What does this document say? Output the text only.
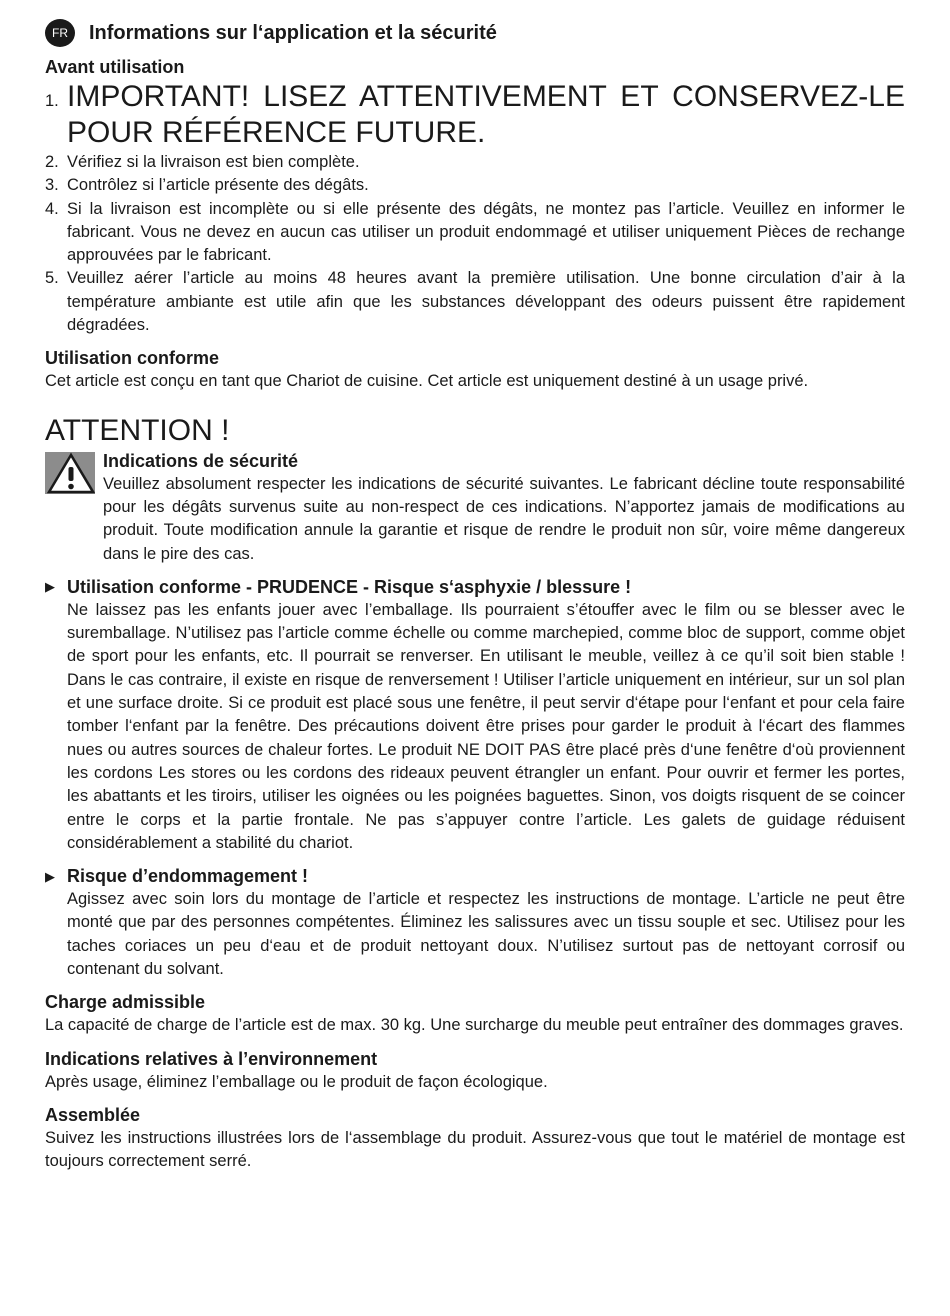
FR	Informations sur l‘application et la sécurité
Avant utilisation
1. IMPORTANT! LISEZ ATTENTIVEMENT ET CONSERVEZ-LE POUR RÉFÉRENCE FUTURE.
2. Vérifiez si la livraison est bien complète.
3. Contrôlez si l’article présente des dégâts.
4. Si la livraison est incomplète ou si elle présente des dégâts, ne montez pas l’article. Veuillez en informer le fabricant. Vous ne devez en aucun cas utiliser un produit endommagé et utiliser uniquement Pièces de rechange approuvées par le fabricant.
5. Veuillez aérer l’article au moins 48 heures avant la première utilisation. Une bonne circulation d’air à la température ambiante est utile afin que les substances développant des odeurs puissent être rapidement dégradées.
Utilisation conforme

Cet article est conçu en tant que Chariot de cuisine. Cet article est uniquement destiné à un usage privé.

ATTENTION !
Indications de sécurité

Veuillez absolument respecter les indications de sécurité suivantes. Le fabricant décline toute responsabilité pour les dégâts survenus suite au non-respect de ces indications. N’apportez jamais de modifications au produit. Toute modification annule la garantie et risque de rendre le produit non sûr, voire même dangereux dans le pire des cas.

▶ Utilisation conforme - PRUDENCE - Risque s‘asphyxie / blessure !

Ne laissez pas les enfants jouer avec l’emballage. Ils pourraient s’étouffer avec le film ou se blesser avec le suremballage. N’utilisez pas l’article comme échelle ou comme marchepied, comme bloc de support, comme objet de sport pour les enfants, etc. Il pourrait se renverser. En utilisant le meuble, veillez à ce qu’il soit bien stable ! Dans le cas contraire, il existe en risque de renversement ! Utiliser l’article uniquement en intérieur, sur un sol plan et une surface droite. Si ce produit est placé sous une fenêtre, il peut servir d‘étape pour l‘enfant et pour cela faire tomber l‘enfant par la fenêtre. Des précautions doivent être prises pour garder le produit à l‘écart des flammes nues ou autres sources de chaleur fortes. Le produit NE DOIT PAS être placé près d‘une fenêtre d‘où proviennent les cordons Les stores ou les cordons des rideaux peuvent étrangler un enfant. Pour ouvrir et fermer les portes, les abattants et les tiroirs, utiliser les oignées ou les poignées baguettes. Sinon, vos doigts risquent de se coincer entre le corps et la partie frontale. Ne pas s’appuyer contre l’article. Les galets de guidage réduisent considérablement a stabilité du chariot.

▶ Risque d’endommagement !

Agissez avec soin lors du montage de l’article et respectez les instructions de montage. L’article ne peut être monté que par des personnes compétentes. Éliminez les salissures avec un tissu souple et sec. Utilisez pour les taches coriaces un peu d‘eau et de produit nettoyant doux. N’utilisez surtout pas de nettoyant corrosif ou contenant du solvant.

Charge admissible

La capacité de charge de l’article est de max. 30 kg. Une surcharge du meuble peut entraîner des dommages graves.

Indications relatives à l’environnement

Après usage, éliminez l’emballage ou le produit de façon écologique.

Assemblée

Suivez les instructions illustrées lors de l‘assemblage du produit. Assurez-vous que tout le matériel de montage est toujours correctement serré.
